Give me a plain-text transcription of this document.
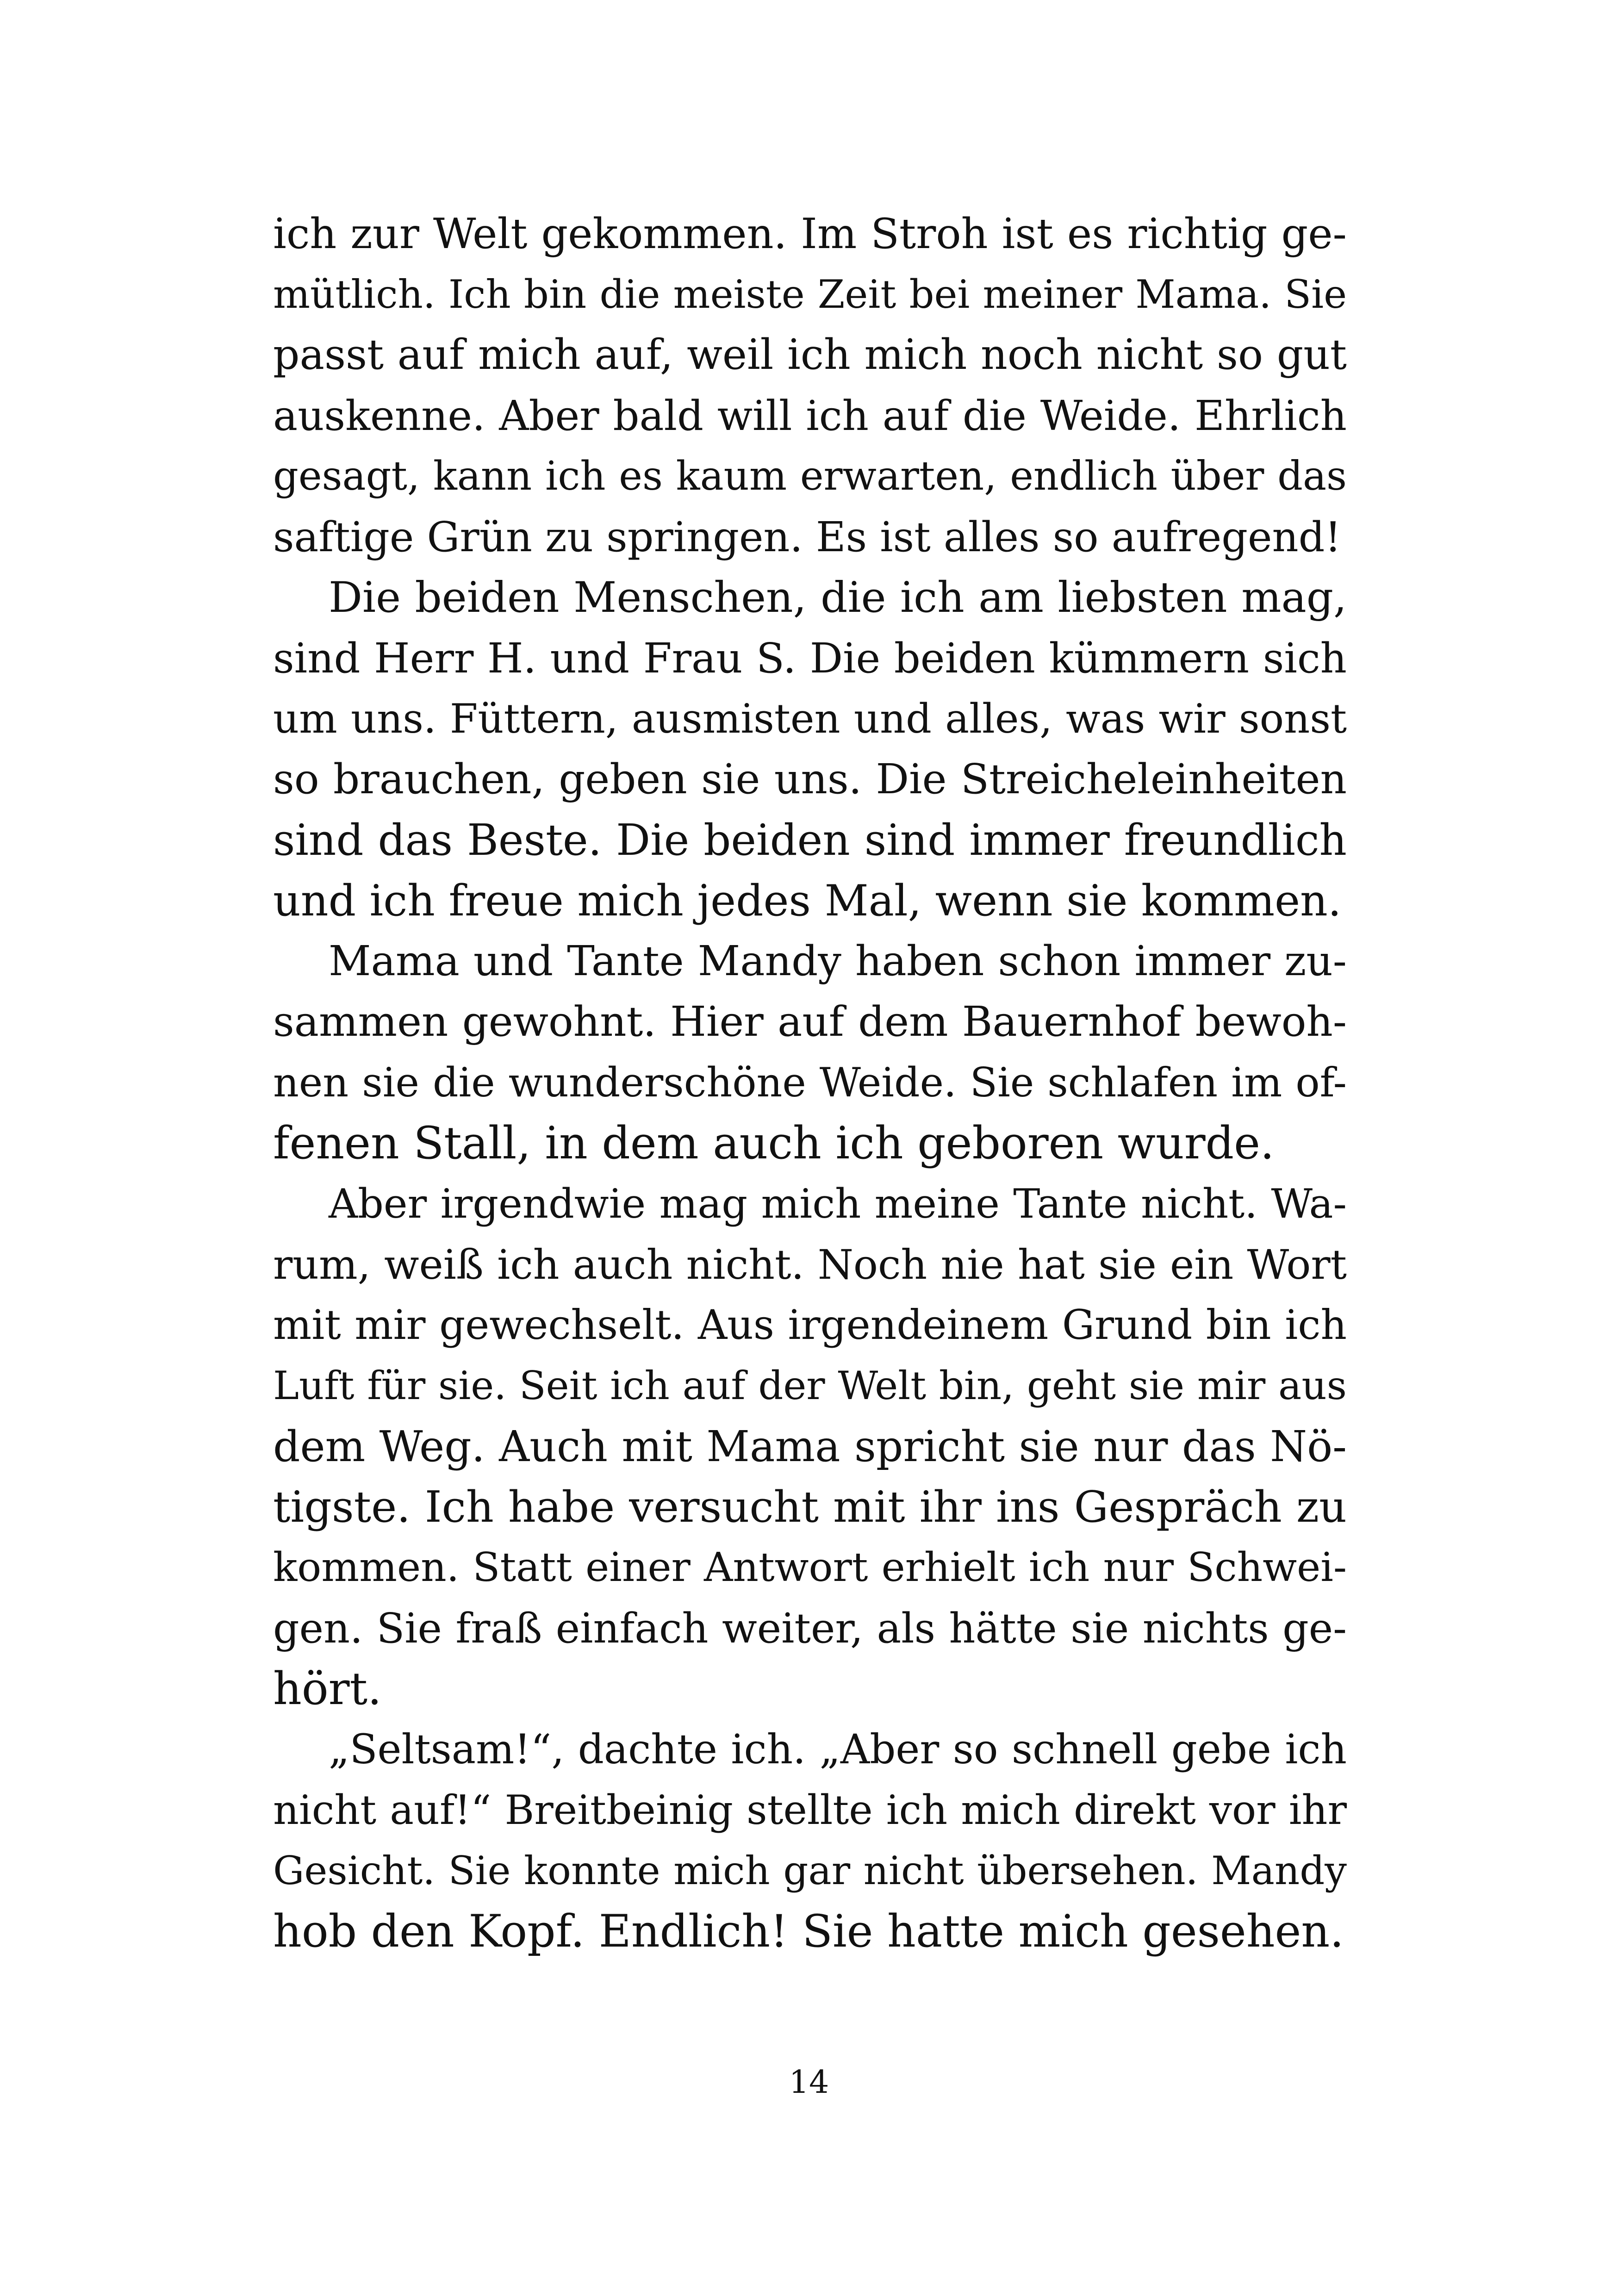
ich zur Welt gekommen. Im Stroh ist es richtig ge-
mütlich. Ich bin die meiste Zeit bei meiner Mama. Sie
passt auf mich auf, weil ich mich noch nicht so gut
auskenne. Aber bald will ich auf die Weide. Ehrlich
gesagt, kann ich es kaum erwarten, endlich über das
saftige Grün zu springen. Es ist alles so aufregend!
Die beiden Menschen, die ich am liebsten mag,
sind Herr H. und Frau S. Die beiden kümmern sich
um uns. Füttern, ausmisten und alles, was wir sonst
so brauchen, geben sie uns. Die Streicheleinheiten
sind das Beste. Die beiden sind immer freundlich
und ich freue mich jedes Mal, wenn sie kommen.
Mama und Tante Mandy haben schon immer zu-
sammen gewohnt. Hier auf dem Bauernhof bewoh-
nen sie die wunderschöne Weide. Sie schlafen im of-
fenen Stall, in dem auch ich geboren wurde.
Aber irgendwie mag mich meine Tante nicht. Wa-
rum, weiß ich auch nicht. Noch nie hat sie ein Wort
mit mir gewechselt. Aus irgendeinem Grund bin ich
Luft für sie. Seit ich auf der Welt bin, geht sie mir aus
dem Weg. Auch mit Mama spricht sie nur das Nö-
tigste. Ich habe versucht mit ihr ins Gespräch zu
kommen. Statt einer Antwort erhielt ich nur Schwei-
gen. Sie fraß einfach weiter, als hätte sie nichts ge-
hört.
„Seltsam!“, dachte ich. „Aber so schnell gebe ich
nicht auf!“ Breitbeinig stellte ich mich direkt vor ihr
Gesicht. Sie konnte mich gar nicht übersehen. Mandy
hob den Kopf. Endlich! Sie hatte mich gesehen.
14
